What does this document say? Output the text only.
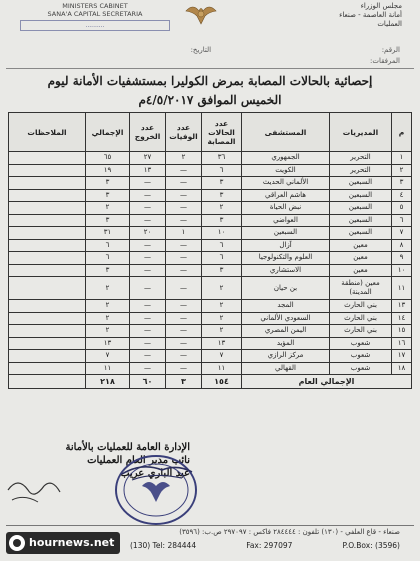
MINISTERS CABINET
SANA'A CAPITAL SECRETARIA
..........
مجلس الوزراء
أمانة العاصمة - صنعاء
العمليات
الرقم:
التاريخ:
المرفقات:
إحصائية بالحالات المصابة بمرض الكوليرا بمستشفيات الأمانة ليوم
الخميس الموافق ٤/٥/٢٠١٧م
م	المديريات	المستشفى	عدد الحالات المصابة	عدد الوفيات	عدد الخروج	الإجمالي	الملاحظات
١	التحرير	الجمهوري	٣٦	٢	٢٧	٦٥	
٢	التحرير	الكويت	٦	—	١٣	١٩	
٣	السبعين	الألماني الحديث	٣	—	—	٣	
٤	السبعين	هاشم العراقي	٣	—	—	٣	
٥	السبعين	نبض الحياة	٢	—	—	٢	
٦	السبعين	العواضي	٣	—	—	٣	
٧	السبعين	السبعين	١٠	١	٢٠	٣١	
٨	معين	آزال	٦	—	—	٦	
٩	معين	العلوم والتكنولوجيا	٦	—	—	٦	
١٠	معين	الاستشاري	٣	—	—	٣	
١١	معين (منطقة المدينة)	بن حيان	٢	—	—	٢	
١٣	بني الحارث	المجد	٢	—	—	٢	
١٤	بني الحارث	السعودي الألماني	٢	—	—	٢	
١٥	بني الحارث	اليمن المصري	٢	—	—	٢	
١٦	شعوب	المؤيد	١٣	—	—	١٣	
١٧	شعوب	مركز الرازي	٧	—	—	٧	
١٨	شعوب	القهالي	١١	—	—	١١	
الإجمالي العام			١٥٤	٣	٦٠	٢١٨	
الإدارة العامة للعمليات بالأمانة
نائب مدير العام العمليات
عبد الباري عريب
صنعاء - قاع العلفي - (١٣٠) تلفون : ٢٨٤٤٤٤ فاكس : ٢٩٧٠٩٧ ص.ب: (٣٥٩٦)
(130) Tel: 284444	Fax: 297097	P.O.Box: (3596)
hournews.net
